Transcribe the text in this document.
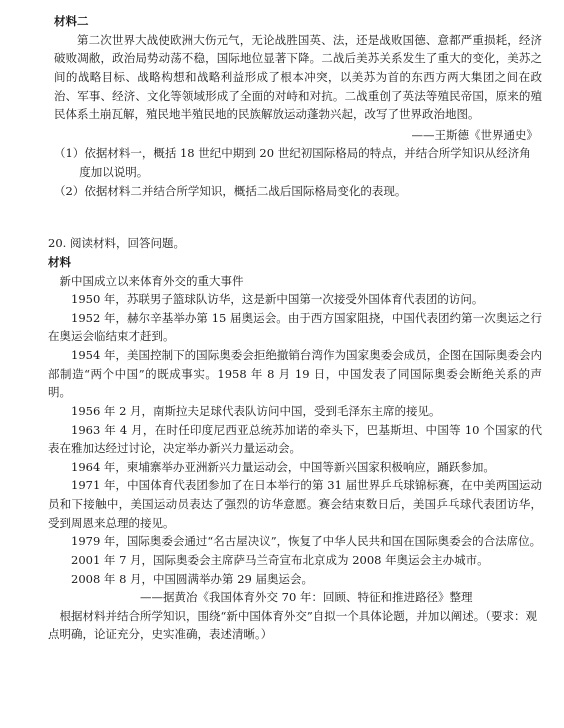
材料二

第二次世界大战使欧洲大伤元气，无论战胜国英、法，还是战败国德、意都严重损耗，经济破败凋敝，政治局势动荡不稳，国际地位显著下降。二战后美苏关系发生了重大的变化，美苏之间的战略目标、战略构想和战略利益形成了根本冲突，以美苏为首的东西方两大集团之间在政治、军事、经济、文化等领域形成了全面的对峙和对抗。二战重创了英法等殖民帝国，原来的殖民体系土崩瓦解，殖民地半殖民地的民族解放运动蓬勃兴起，改写了世界政治地图。

——王斯德《世界通史》

（1）依据材料一，概括 18 世纪中期到 20 世纪初国际格局的特点，并结合所学知识从经济角度加以说明。

（2）依据材料二并结合所学知识，概括二战后国际格局变化的表现。

20. 阅读材料，回答问题。

材料

新中国成立以来体育外交的重大事件

1950 年，苏联男子篮球队访华，这是新中国第一次接受外国体育代表团的访问。

1952 年，赫尔辛基举办第 15 届奥运会。由于西方国家阻挠，中国代表团约第一次奥运之行在奥运会临结束才赶到。

1954 年，美国控制下的国际奥委会拒绝撤销台湾作为国家奥委会成员，企图在国际奥委会内部制造“两个中国”的既成事实。1958 年 8 月 19 日，中国发表了同国际奥委会断绝关系的声明。

1956 年 2 月，南斯拉夫足球代表队访问中国，受到毛泽东主席的接见。

1963 年 4 月，在时任印度尼西亚总统苏加诺的牵头下，巴基斯坦、中国等 10 个国家的代表在雅加达经过讨论，决定举办新兴力量运动会。

1964 年，柬埔寨举办亚洲新兴力量运动会，中国等新兴国家积极响应，踊跃参加。

1971 年，中国体育代表团参加了在日本举行的第 31 届世界乒乓球锦标赛，在中美两国运动员和下接触中，美国运动员表达了强烈的访华意愿。赛会结束数日后，美国乒乓球代表团访华，受到周恩来总理的接见。

1979 年，国际奥委会通过“名古屋决议”，恢复了中华人民共和国在国际奥委会的合法席位。

2001 年 7 月，国际奥委会主席萨马兰奇宣布北京成为 2008 年奥运会主办城市。

2008 年 8 月，中国圆满举办第 29 届奥运会。

——据黄冶《我国体育外交 70 年：回顾、特征和推进路径》整理

根据材料并结合所学知识，围绕“新中国体育外交”自拟一个具体论题，并加以阐述。（要求：观点明确，论证充分，史实准确，表述清晰。）
